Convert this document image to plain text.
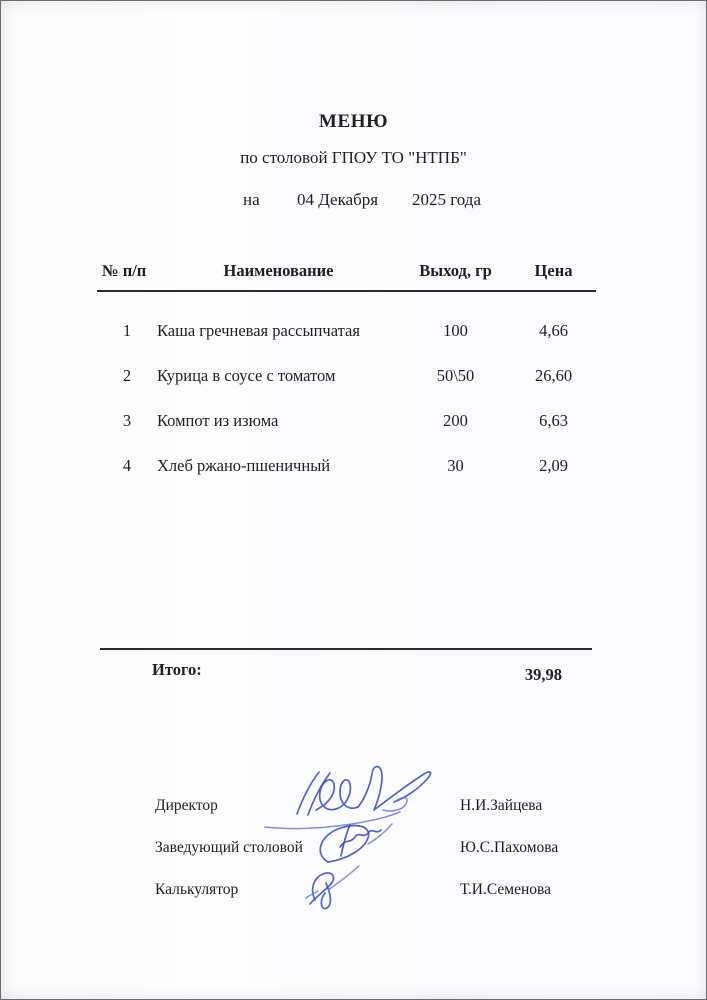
МЕНЮ
по столовой ГПОУ ТО "НТПБ"
на 04 Декабря 2025 года
№ п/п	Наименование	Выход, гр	Цена
1	Каша гречневая рассыпчатая	100	4,66
2	Курица в соусе с томатом	50\50	26,60
3	Компот из изюма	200	6,63
4	Хлеб ржано-пшеничный	30	2,09
Итого:	39,98
Директор	Н.И.Зайцева
Заведующий столовой	Ю.С.Пахомова
Калькулятор	Т.И.Семенова
